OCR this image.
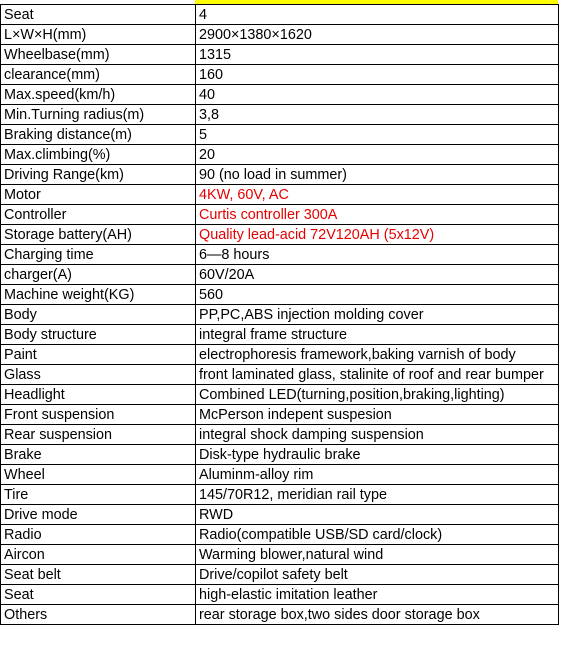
Seat	4
L×W×H(mm)	2900×1380×1620
Wheelbase(mm)	1315
clearance(mm)	160
Max.speed(km/h)	40
Min.Turning radius(m)	3,8
Braking distance(m)	5
Max.climbing(%)	20
Driving Range(km)	90 (no load in summer)
Motor	4KW, 60V, AC
Controller	Curtis controller 300A
Storage battery(AH)	Quality lead-acid 72V120AH (5x12V)
Charging time	6—8 hours
charger(A)	60V/20A
Machine weight(KG)	560
Body	PP,PC,ABS injection molding cover
Body structure	integral frame structure
Paint	electrophoresis framework,baking varnish of body
Glass	front laminated glass, stalinite of roof and rear bumper
Headlight	Combined LED(turning,position,braking,lighting)
Front suspension	McPerson indepent suspesion
Rear suspension	integral shock damping suspension
Brake	Disk-type hydraulic brake
Wheel	Aluminm-alloy rim
Tire	145/70R12, meridian rail type
Drive mode	RWD
Radio	Radio(compatible USB/SD card/clock)
Aircon	Warming blower,natural wind
Seat belt	Drive/copilot safety belt
Seat	high-elastic imitation leather
Others	rear storage box,two sides door storage box
